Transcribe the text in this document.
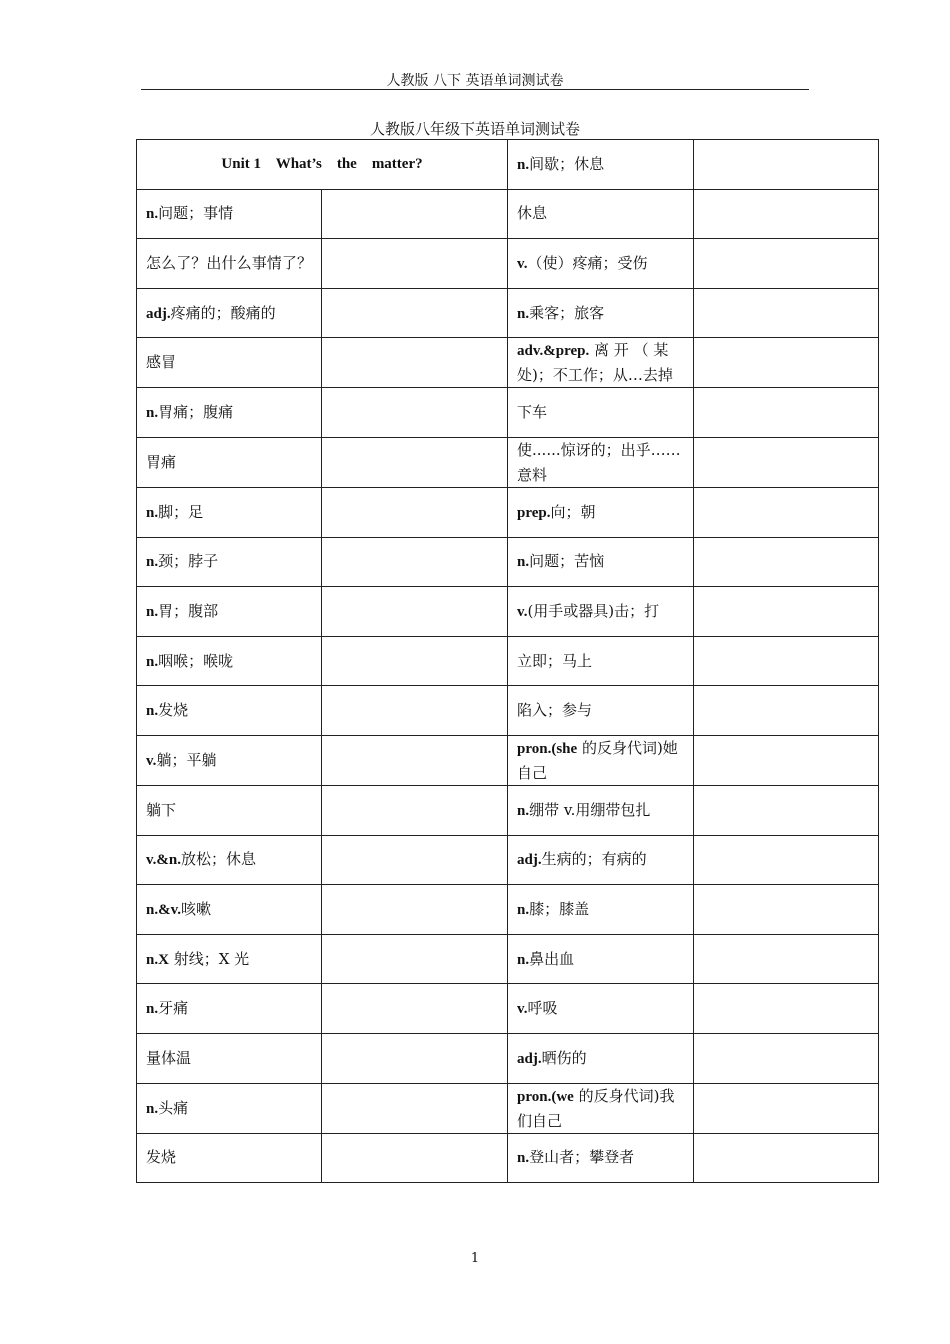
人教版 八下 英语单词测试卷
人教版八年级下英语单词测试卷
Unit 1    What’s    the    matter?		n.间歇；休息	
n.问题；事情		休息	
怎么了？出什么事情了？		v.（使）疼痛；受伤	
adj.疼痛的；酸痛的		n.乘客；旅客	
感冒		adv.&prep. 离 开 （ 某处)；不工作；从…去掉	
n.胃痛；腹痛		下车	
胃痛		使......惊讶的；出乎……意料	
n.脚；足		prep.向；朝	
n.颈；脖子		n.问题；苦恼	
n.胃；腹部		v.(用手或器具)击；打	
n.咽喉；喉咙		立即；马上	
n.发烧		陷入；参与	
v.躺；平躺		pron.(she 的反身代词)她自己	
躺下		n.绷带 v.用绷带包扎	
v.&n.放松；休息		adj.生病的；有病的	
n.&v.咳嗽		n.膝；膝盖	
n.X 射线；X 光		n.鼻出血	
n.牙痛		v.呼吸	
量体温		adj.晒伤的	
n.头痛		pron.(we 的反身代词)我们自己	
发烧		n.登山者；攀登者	
1
